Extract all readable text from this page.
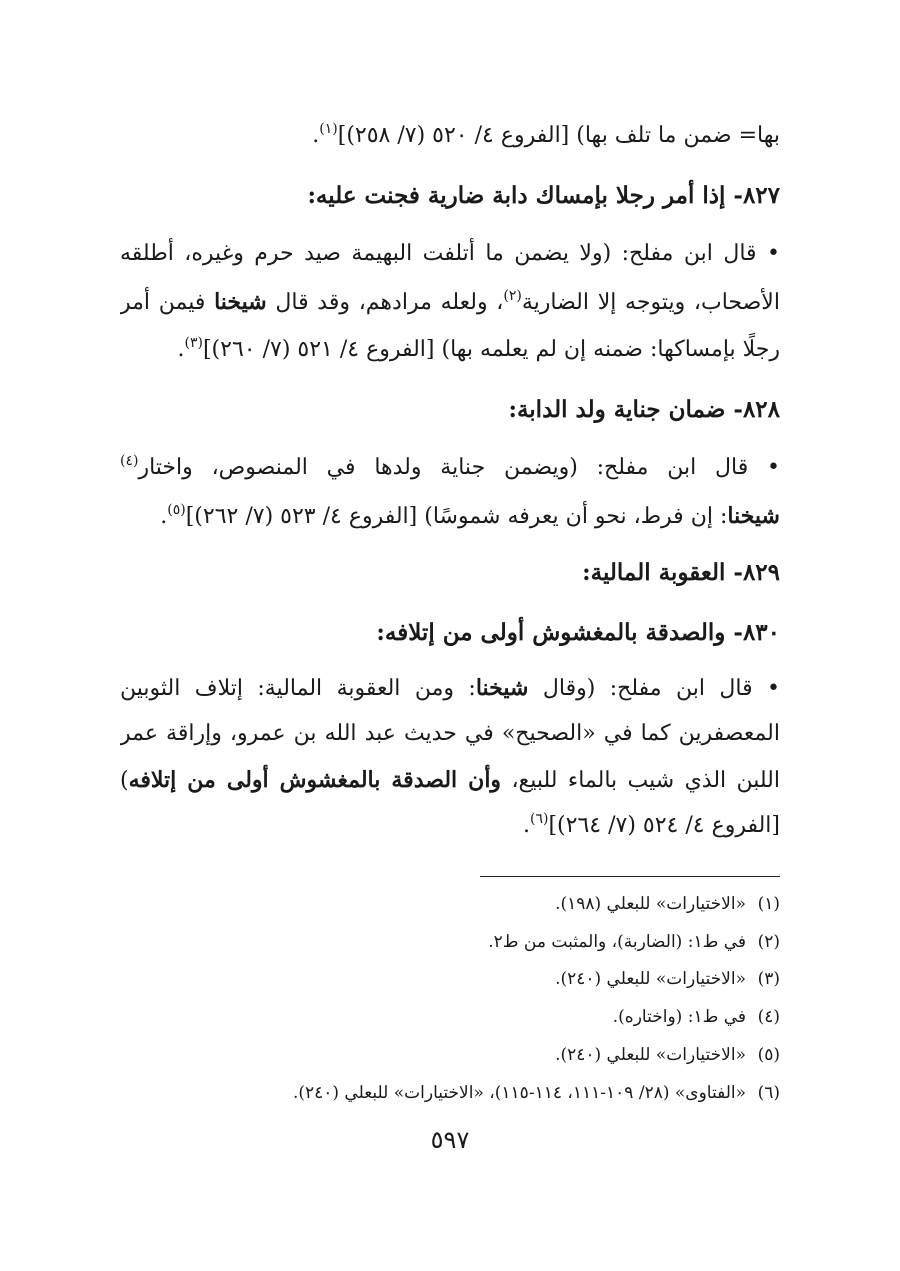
بها= ضمن ما تلف بها) [الفروع ٤/ ٥٢٠ (٧/ ٢٥٨)]$^{(١)}$.
٨٢٧- إذا أمر رجلا بإمساك دابة ضارية فجنت عليه:
• قال ابن مفلح: (ولا يضمن ما أتلفت البهيمة صيد حرم وغيره، أطلقه
الأصحاب، ويتوجه إلا الضارية$^{(٢)}$، ولعله مرادهم، وقد قال شيخنا فيمن أمر
رجلًا بإمساكها: ضمنه إن لم يعلمه بها) [الفروع ٤/ ٥٢١ (٧/ ٢٦٠)]$^{(٣)}$.
٨٢٨- ضمان جناية ولد الدابة:
• قال ابن مفلح: (ويضمن جناية ولدها في المنصوص، واختار$^{(٤)}$
شيخنا: إن فرط، نحو أن يعرفه شموسًا) [الفروع ٤/ ٥٢٣ (٧/ ٢٦٢)]$^{(٥)}$.
٨٢٩- العقوبة المالية:
٨٣٠- والصدقة بالمغشوش أولى من إتلافه:
• قال ابن مفلح: (وقال شيخنا: ومن العقوبة المالية: إتلاف الثوبين
المعصفرين كما في «الصحيح» في حديث عبد الله بن عمرو، وإراقة عمر
اللبن الذي شيب بالماء للبيع، وأن الصدقة بالمغشوش أولى من إتلافه)
[الفروع ٤/ ٥٢٤ (٧/ ٢٦٤)]$^{(٦)}$.
(١)«الاختيارات» للبعلي (١٩٨).
(٢)في ط١: (الضاربة)، والمثبت من ط٢.
(٣)«الاختيارات» للبعلي (٢٤٠).
(٤)في ط١: (واختاره).
(٥)«الاختيارات» للبعلي (٢٤٠).
(٦)«الفتاوى» (٢٨/ ١٠٩-١١١، ١١٤-١١٥)، «الاختيارات» للبعلي (٢٤٠).
٥٩٧
